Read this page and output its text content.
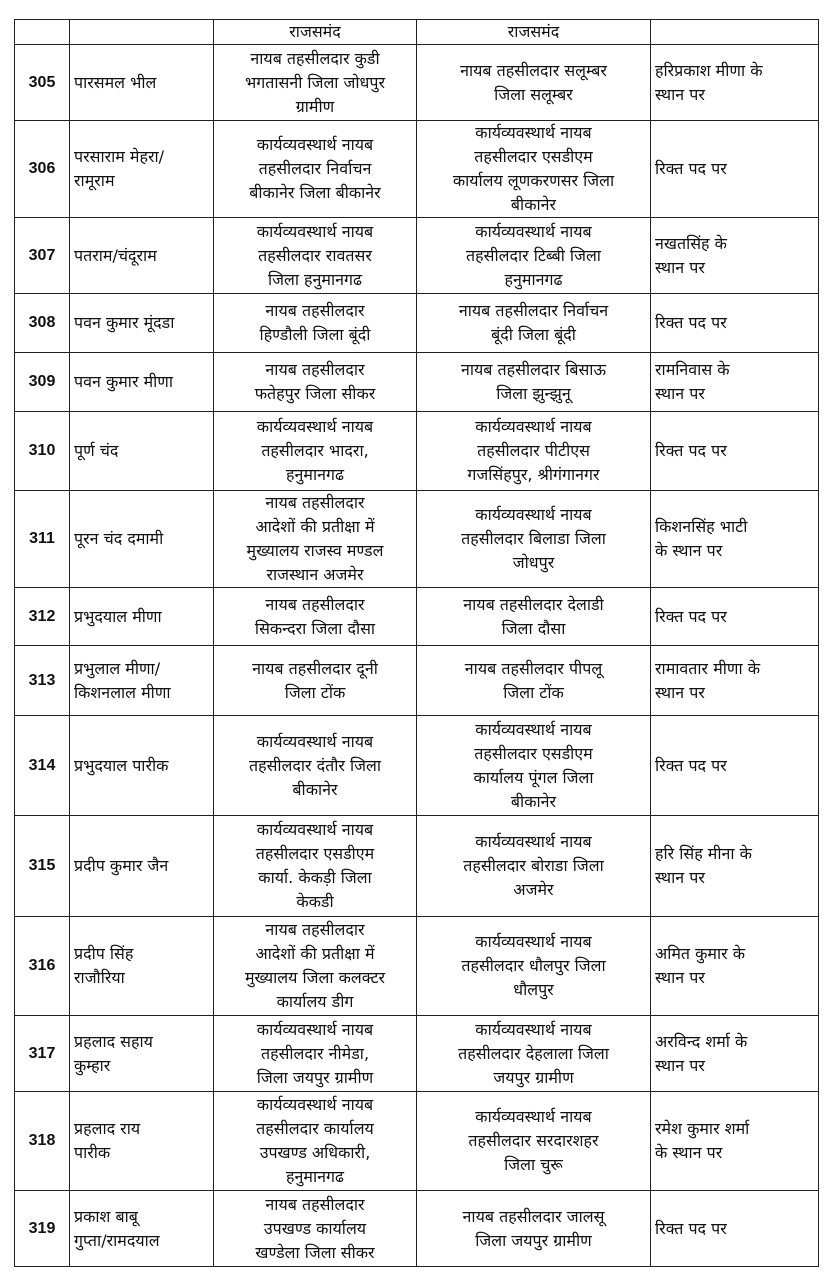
		राजसमंद	राजसमंद	

305	पारसमल भील	नायब तहसीलदार कुडी
भगतासनी जिला जोधपुर
ग्रामीण	नायब तहसीलदार सलूम्बर
जिला सलूम्बर	हरिप्रकाश मीणा के
स्थान पर

306	परसाराम मेहरा/
रामूराम	कार्यव्यवस्थार्थ नायब
तहसीलदार निर्वाचन
बीकानेर जिला बीकानेर	कार्यव्यवस्थार्थ नायब
तहसीलदार एसडीएम
कार्यालय लूणकरणसर जिला
बीकानेर	रिक्त पद पर

307	पतराम/चंदूराम	कार्यव्यवस्थार्थ नायब
तहसीलदार रावतसर
जिला हनुमानगढ	कार्यव्यवस्थार्थ नायब
तहसीलदार टिब्बी जिला
हनुमानगढ	नखतसिंह के
स्थान पर

308	पवन कुमार मूंदडा	नायब तहसीलदार
हिण्डौली जिला बूंदी	नायब तहसीलदार निर्वाचन
बूंदी जिला बूंदी	रिक्त पद पर

309	पवन कुमार मीणा	नायब तहसीलदार
फतेहपुर जिला सीकर	नायब तहसीलदार बिसाऊ
जिला झुन्झुनू	रामनिवास के
स्थान पर

310	पूर्ण चंद	कार्यव्यवस्थार्थ नायब
तहसीलदार भादरा,
हनुमानगढ	कार्यव्यवस्थार्थ नायब
तहसीलदार पीटीएस
गजसिंहपुर, श्रीगंगानगर	रिक्त पद पर

311	पूरन चंद दमामी	नायब तहसीलदार
आदेशों की प्रतीक्षा में
मुख्यालय राजस्व मण्डल
राजस्थान अजमेर	कार्यव्यवस्थार्थ नायब
तहसीलदार बिलाडा जिला
जोधपुर	किशनसिंह भाटी
के स्थान पर

312	प्रभुदयाल मीणा	नायब तहसीलदार
सिकन्दरा जिला दौसा	नायब तहसीलदार देलाडी
जिला दौसा	रिक्त पद पर

313	प्रभुलाल मीणा/
किशनलाल मीणा	नायब तहसीलदार दूनी
जिला टोंक	नायब तहसीलदार पीपलू
जिला टोंक	रामावतार मीणा के
स्थान पर

314	प्रभुदयाल पारीक	कार्यव्यवस्थार्थ नायब
तहसीलदार दंतौर जिला
बीकानेर	कार्यव्यवस्थार्थ नायब
तहसीलदार एसडीएम
कार्यालय पूंगल जिला
बीकानेर	रिक्त पद पर

315	प्रदीप कुमार जैन	कार्यव्यवस्थार्थ नायब
तहसीलदार एसडीएम
कार्या. केकड़ी जिला
केकडी	कार्यव्यवस्थार्थ नायब
तहसीलदार बोराडा जिला
अजमेर	हरि सिंह मीना के
स्थान पर

316	प्रदीप सिंह
राजौरिया	नायब तहसीलदार
आदेशों की प्रतीक्षा में
मुख्यालय जिला कलक्टर
कार्यालय डीग	कार्यव्यवस्थार्थ नायब
तहसीलदार धौलपुर जिला
धौलपुर	अमित कुमार के
स्थान पर

317	प्रहलाद सहाय
कुम्हार	कार्यव्यवस्थार्थ नायब
तहसीलदार नीमेडा,
जिला जयपुर ग्रामीण	कार्यव्यवस्थार्थ नायब
तहसीलदार देहलाला जिला
जयपुर ग्रामीण	अरविन्द शर्मा के
स्थान पर

318	प्रहलाद राय
पारीक	कार्यव्यवस्थार्थ नायब
तहसीलदार कार्यालय
उपखण्ड अधिकारी,
हनुमानगढ	कार्यव्यवस्थार्थ नायब
तहसीलदार सरदारशहर
जिला चुरू	रमेश कुमार शर्मा
के स्थान पर

319	प्रकाश बाबू
गुप्ता/रामदयाल	नायब तहसीलदार
उपखण्ड कार्यालय
खण्डेला जिला सीकर	नायब तहसीलदार जालसू
जिला जयपुर ग्रामीण	रिक्त पद पर
